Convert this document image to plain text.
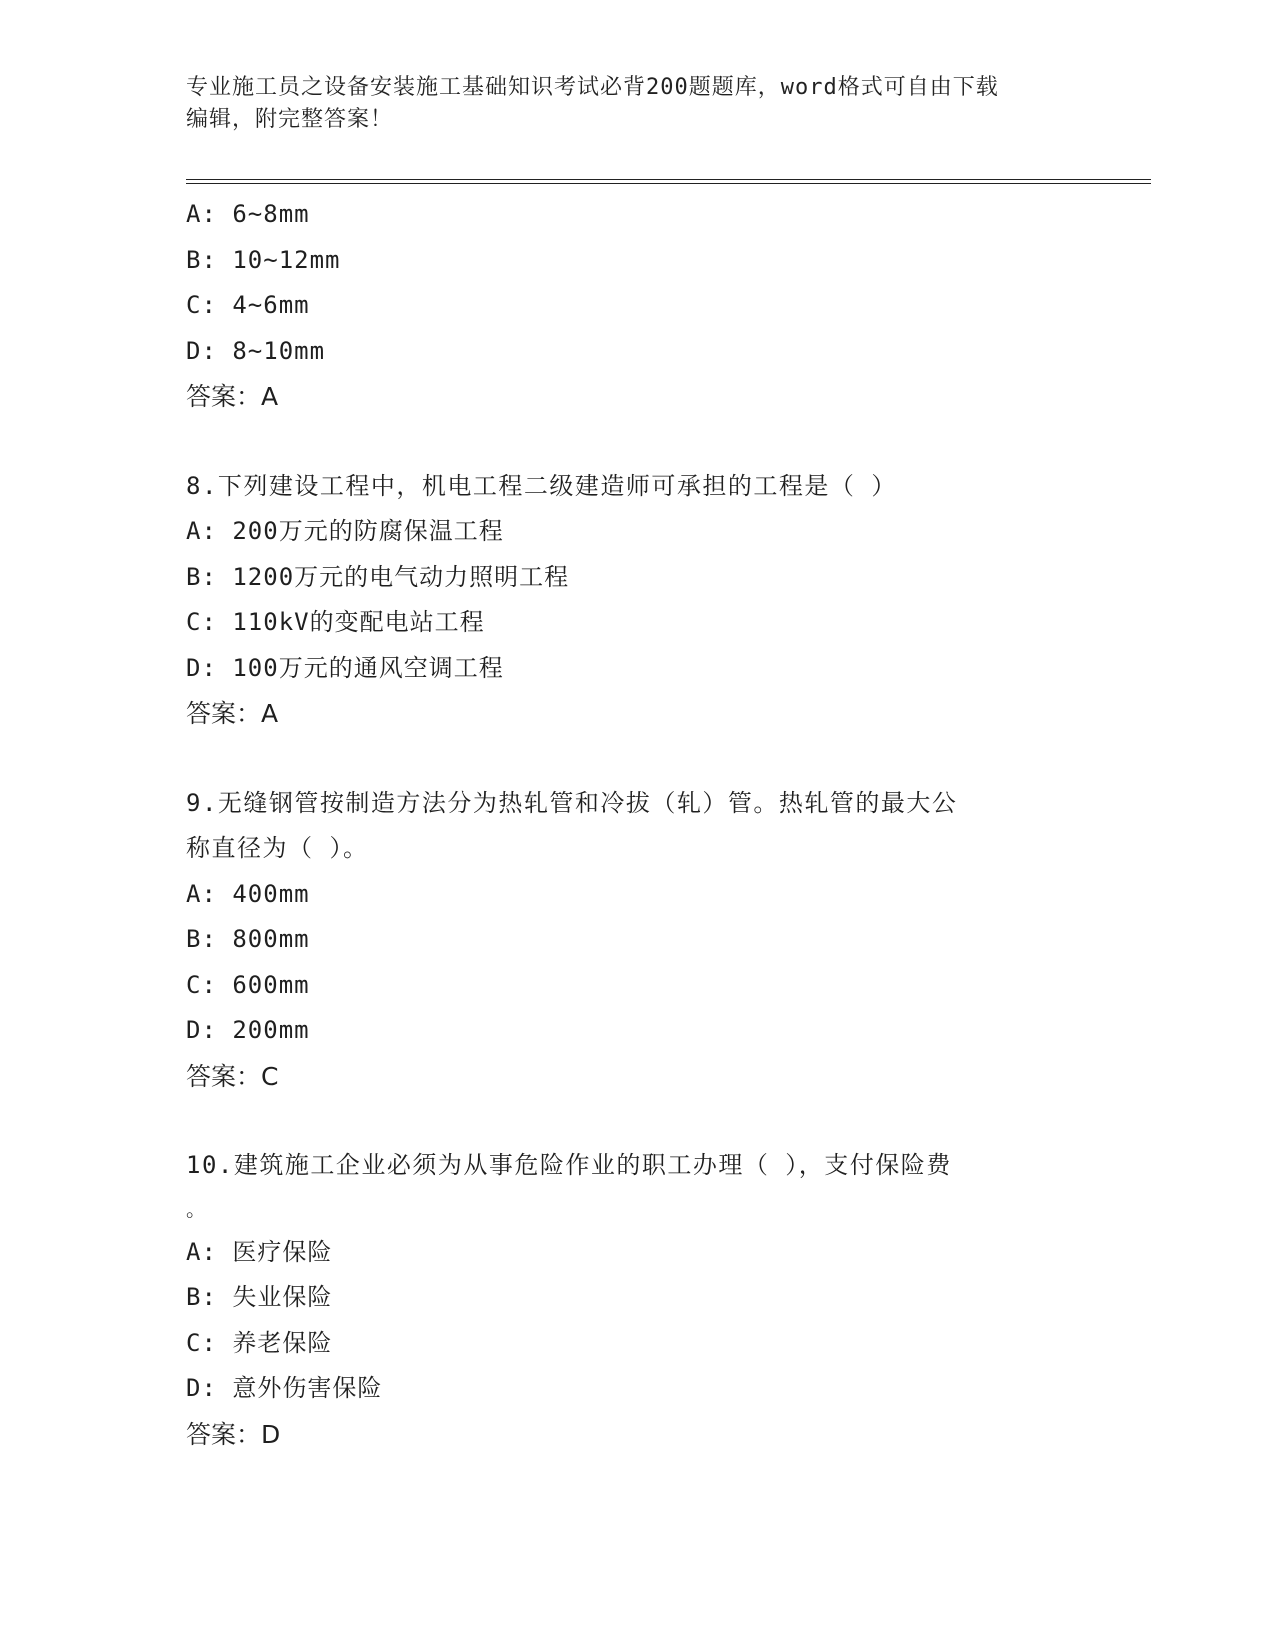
专业施工员之设备安装施工基础知识考试必背200题题库，word格式可自由下载
编辑，附完整答案！
A: 6~8mm
B: 10~12mm
C: 4~6mm
D: 8~10mm
答案：A
8.下列建设工程中，机电工程二级建造师可承担的工程是（ ）
A: 200万元的防腐保温工程
B: 1200万元的电气动力照明工程
C: 110kV的变配电站工程
D: 100万元的通风空调工程
答案：A
9.无缝钢管按制造方法分为热轧管和冷拔（轧）管。热轧管的最大公
称直径为（ ）。
A: 400mm
B: 800mm
C: 600mm
D: 200mm
答案：C
10.建筑施工企业必须为从事危险作业的职工办理（ ），支付保险费
。
A: 医疗保险
B: 失业保险
C: 养老保险
D: 意外伤害保险
答案：D
